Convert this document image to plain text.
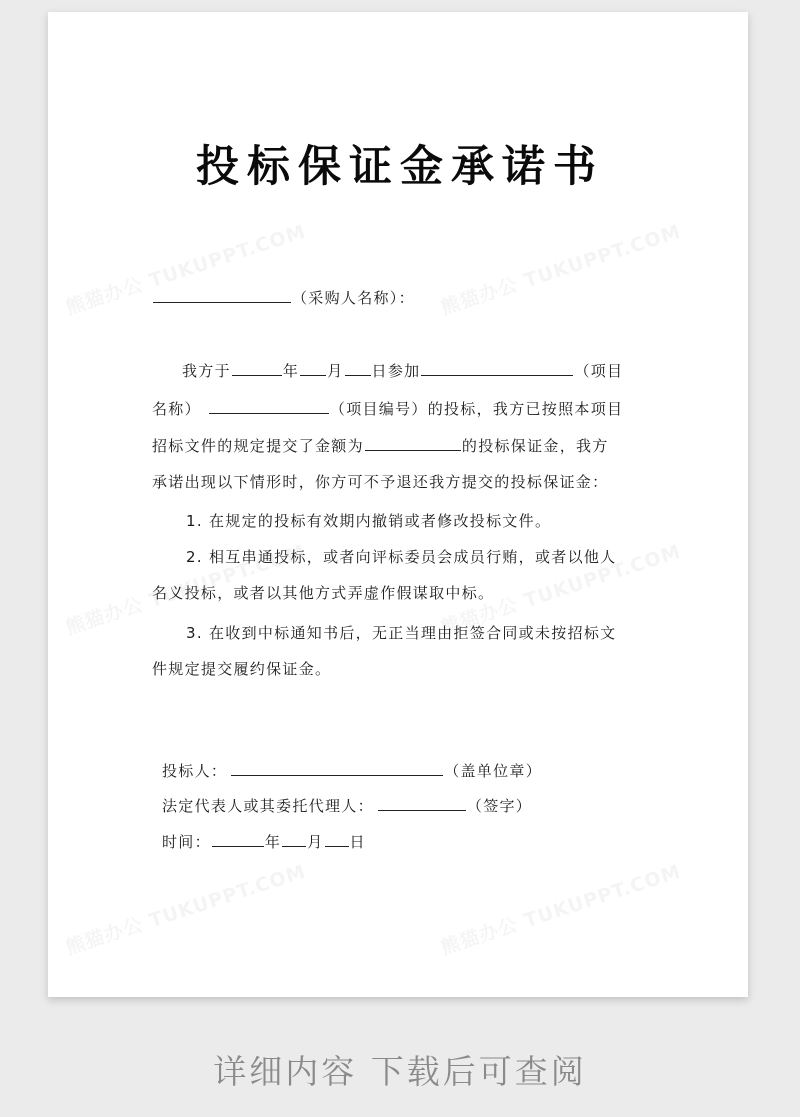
投标保证金承诺书
（采购人名称）：
我方于	年 月 日参加	（项目
名称）	（项目编号）的投标，我方已按照本项目
招标文件的规定提交了金额为	的投标保证金，我方
承诺出现以下情形时，你方可不予退还我方提交的投标保证金：
1. 在规定的投标有效期内撤销或者修改投标文件。
2. 相互串通投标，或者向评标委员会成员行贿，或者以他人
名义投标，或者以其他方式弄虚作假谋取中标。
3. 在收到中标通知书后，无正当理由拒签合同或未按招标文
件规定提交履约保证金。
投标人：	（盖单位章）
法定代表人或其委托代理人：	（签字）
时间：	年 月 日
详细内容 下载后可查阅
